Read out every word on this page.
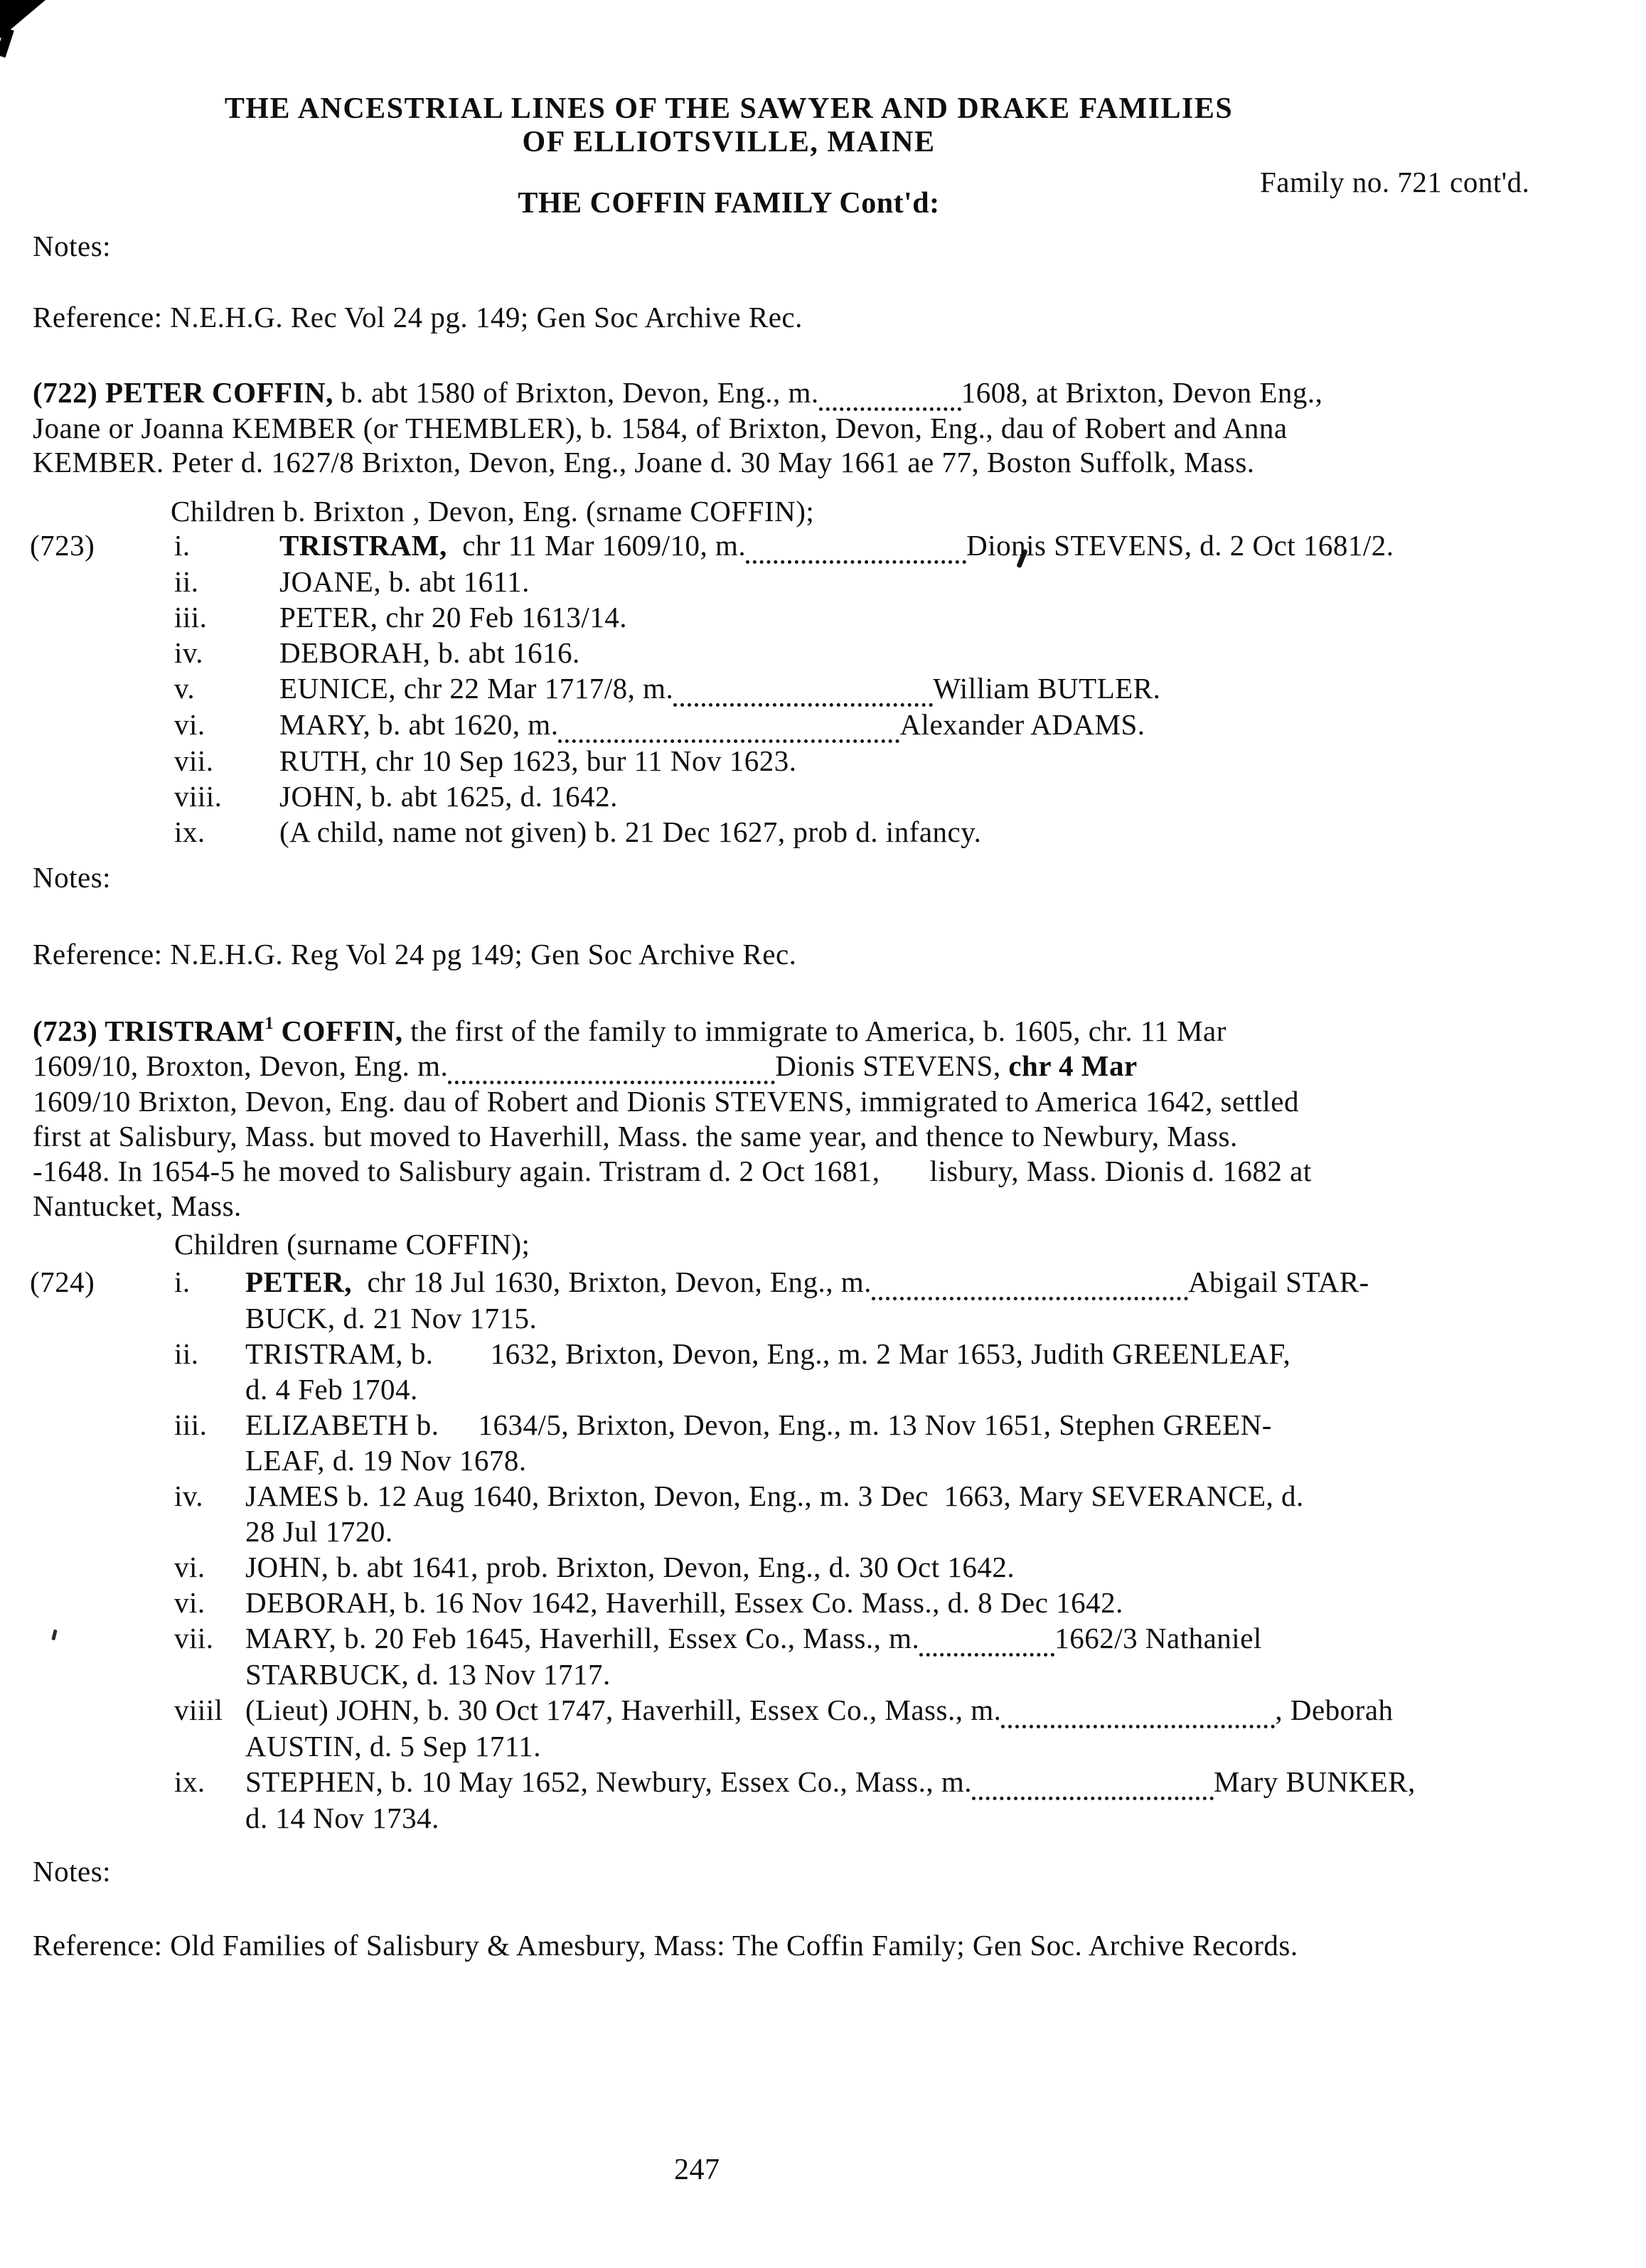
THE ANCESTRIAL LINES OF THE SAWYER AND DRAKE FAMILIES
OF ELLIOTSVILLE, MAINE
Family no. 721 cont'd.
THE COFFIN FAMILY Cont'd:
Notes:
Reference: N.E.H.G. Rec Vol 24 pg. 149; Gen Soc Archive Rec.
(722) PETER COFFIN, b. abt 1580 of Brixton, Devon, Eng., m.	1608, at Brixton, Devon Eng.,
Joane or Joanna KEMBER (or THEMBLER), b. 1584, of Brixton, Devon, Eng., dau of Robert and Anna
KEMBER. Peter d. 1627/8 Brixton, Devon, Eng., Joane d. 30 May 1661 ae 77, Boston Suffolk, Mass.
Children b. Brixton , Devon, Eng. (srname COFFIN);
(723)	i.	TRISTRAM,  chr 11 Mar 1609/10, m.	Dionis STEVENS, d. 2 Oct 1681/2.
ii.	JOANE, b. abt 1611.
iii.	PETER, chr 20 Feb 1613/14.
iv.	DEBORAH, b. abt 1616.
v.	EUNICE, chr 22 Mar 1717/8, m.	William BUTLER.
vi.	MARY, b. abt 1620, m.	Alexander ADAMS.
vii.	RUTH, chr 10 Sep 1623, bur 11 Nov 1623.
viii.	JOHN, b. abt 1625, d. 1642.
ix.	(A child, name not given) b. 21 Dec 1627, prob d. infancy.
Notes:
Reference: N.E.H.G. Reg Vol 24 pg 149; Gen Soc Archive Rec.
(723) TRISTRAM$^1$ COFFIN, the first of the family to immigrate to America, b. 1605, chr. 11 Mar
1609/10, Broxton, Devon, Eng. m.	Dionis STEVENS, chr 4 Mar
1609/10 Brixton, Devon, Eng. dau of Robert and Dionis STEVENS, immigrated to America 1642, settled
first at Salisbury, Mass. but moved to Haverhill, Mass. the same year, and thence to Newbury, Mass.
-1648. In 1654-5 he moved to Salisbury again. Tristram d. 2 Oct 1681, lisbury, Mass. Dionis d. 1682 at
Nantucket, Mass.
Children (surname COFFIN);
(724)	i.	PETER,  chr 18 Jul 1630, Brixton, Devon, Eng., m.	Abigail STAR-
BUCK, d. 21 Nov 1715.
ii.	TRISTRAM, b. 1632, Brixton, Devon, Eng., m. 2 Mar 1653, Judith GREENLEAF,
d. 4 Feb 1704.
iii.	ELIZABETH b. 1634/5, Brixton, Devon, Eng., m. 13 Nov 1651, Stephen GREEN-
LEAF, d. 19 Nov 1678.
iv.	JAMES b. 12 Aug 1640, Brixton, Devon, Eng., m. 3 Dec  1663, Mary SEVERANCE, d.
28 Jul 1720.
vi.	JOHN, b. abt 1641, prob. Brixton, Devon, Eng., d. 30 Oct 1642.
vi.	DEBORAH, b. 16 Nov 1642, Haverhill, Essex Co. Mass., d. 8 Dec 1642.
vii.	MARY, b. 20 Feb 1645, Haverhill, Essex Co., Mass., m.	1662/3 Nathaniel
STARBUCK, d. 13 Nov 1717.
viiil (Lieut) JOHN, b. 30 Oct 1747, Haverhill, Essex Co., Mass., m.	, Deborah
AUSTIN, d. 5 Sep 1711.
ix.	STEPHEN, b. 10 May 1652, Newbury, Essex Co., Mass., m.	Mary BUNKER,
d. 14 Nov 1734.
Notes:
Reference: Old Families of Salisbury & Amesbury, Mass: The Coffin Family; Gen Soc. Archive Records.
247
